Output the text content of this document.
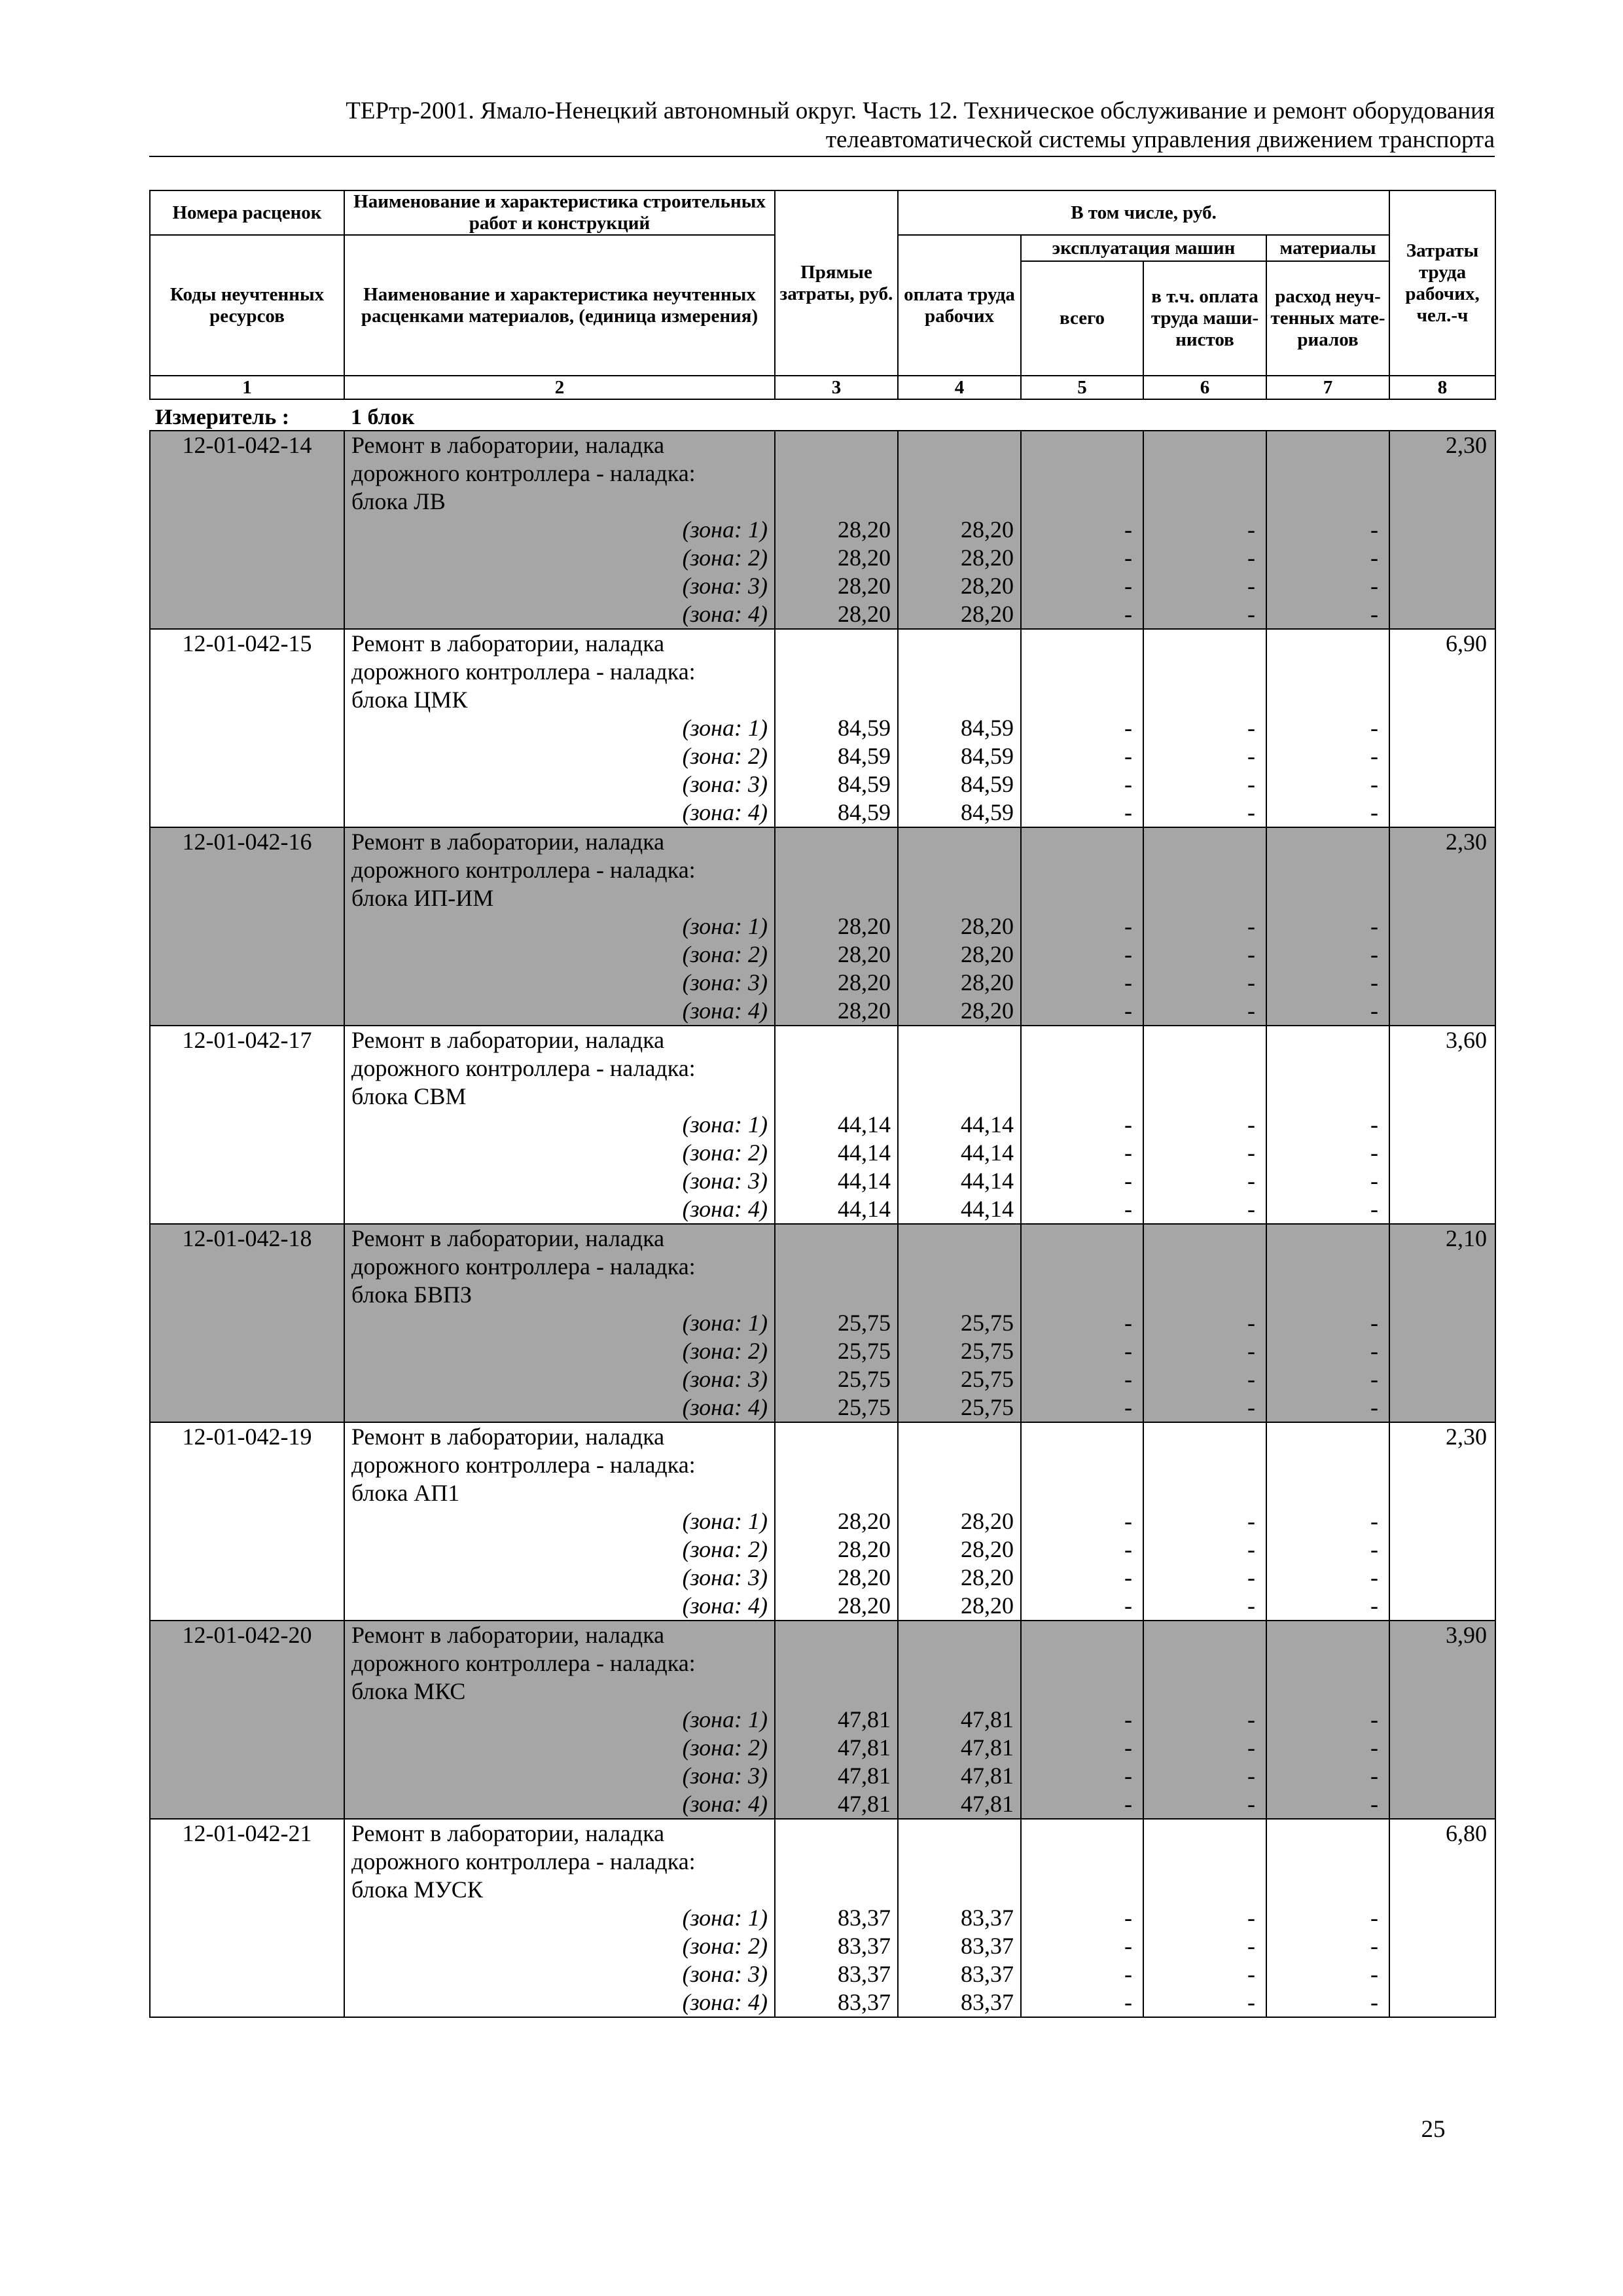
ТЕРтр-2001. Ямало-Ненецкий автономный округ. Часть 12. Техническое обслуживание и ремонт оборудования
телеавтоматической системы управления движением транспорта
Номера расценок	Наименование и характеристика строительных работ и конструкций	Прямые затраты, руб.	В том числе, руб.				Затраты труда рабочих, чел.-ч
Коды неучтенных ресурсов	Наименование и характеристика неучтенных расценками материалов, (единица измерения)		оплата труда рабочих	эксплуатация машин		материалы	
				всего	в т.ч. оплата труда маши-нистов	расход неуч-тенных мате-риалов	

1	2	3	4	5	6	7	8
Измеритель :	1 блок						
12-01-042-14	Ремонт в лаборатории, наладка						2,30
	дорожного контроллера - наладка:						
	блока ЛВ						
	(зона: 1)	28,20	28,20	-	-	-	
	(зона: 2)	28,20	28,20	-	-	-	
	(зона: 3)	28,20	28,20	-	-	-	
	(зона: 4)	28,20	28,20	-	-	-	
12-01-042-15	Ремонт в лаборатории, наладка						6,90
	дорожного контроллера - наладка:						
	блока ЦМК						
	(зона: 1)	84,59	84,59	-	-	-	
	(зона: 2)	84,59	84,59	-	-	-	
	(зона: 3)	84,59	84,59	-	-	-	
	(зона: 4)	84,59	84,59	-	-	-	
12-01-042-16	Ремонт в лаборатории, наладка						2,30
	дорожного контроллера - наладка:						
	блока ИП-ИМ						
	(зона: 1)	28,20	28,20	-	-	-	
	(зона: 2)	28,20	28,20	-	-	-	
	(зона: 3)	28,20	28,20	-	-	-	
	(зона: 4)	28,20	28,20	-	-	-	
12-01-042-17	Ремонт в лаборатории, наладка						3,60
	дорожного контроллера - наладка:						
	блока СВМ						
	(зона: 1)	44,14	44,14	-	-	-	
	(зона: 2)	44,14	44,14	-	-	-	
	(зона: 3)	44,14	44,14	-	-	-	
	(зона: 4)	44,14	44,14	-	-	-	
12-01-042-18	Ремонт в лаборатории, наладка						2,10
	дорожного контроллера - наладка:						
	блока БВПЗ						
	(зона: 1)	25,75	25,75	-	-	-	
	(зона: 2)	25,75	25,75	-	-	-	
	(зона: 3)	25,75	25,75	-	-	-	
	(зона: 4)	25,75	25,75	-	-	-	
12-01-042-19	Ремонт в лаборатории, наладка						2,30
	дорожного контроллера - наладка:						
	блока АП1						
	(зона: 1)	28,20	28,20	-	-	-	
	(зона: 2)	28,20	28,20	-	-	-	
	(зона: 3)	28,20	28,20	-	-	-	
	(зона: 4)	28,20	28,20	-	-	-	
12-01-042-20	Ремонт в лаборатории, наладка						3,90
	дорожного контроллера - наладка:						
	блока МКС						
	(зона: 1)	47,81	47,81	-	-	-	
	(зона: 2)	47,81	47,81	-	-	-	
	(зона: 3)	47,81	47,81	-	-	-	
	(зона: 4)	47,81	47,81	-	-	-	
12-01-042-21	Ремонт в лаборатории, наладка						6,80
	дорожного контроллера - наладка:						
	блока МУСК						
	(зона: 1)	83,37	83,37	-	-	-	
	(зона: 2)	83,37	83,37	-	-	-	
	(зона: 3)	83,37	83,37	-	-	-	
	(зона: 4)	83,37	83,37	-	-	-	
25
